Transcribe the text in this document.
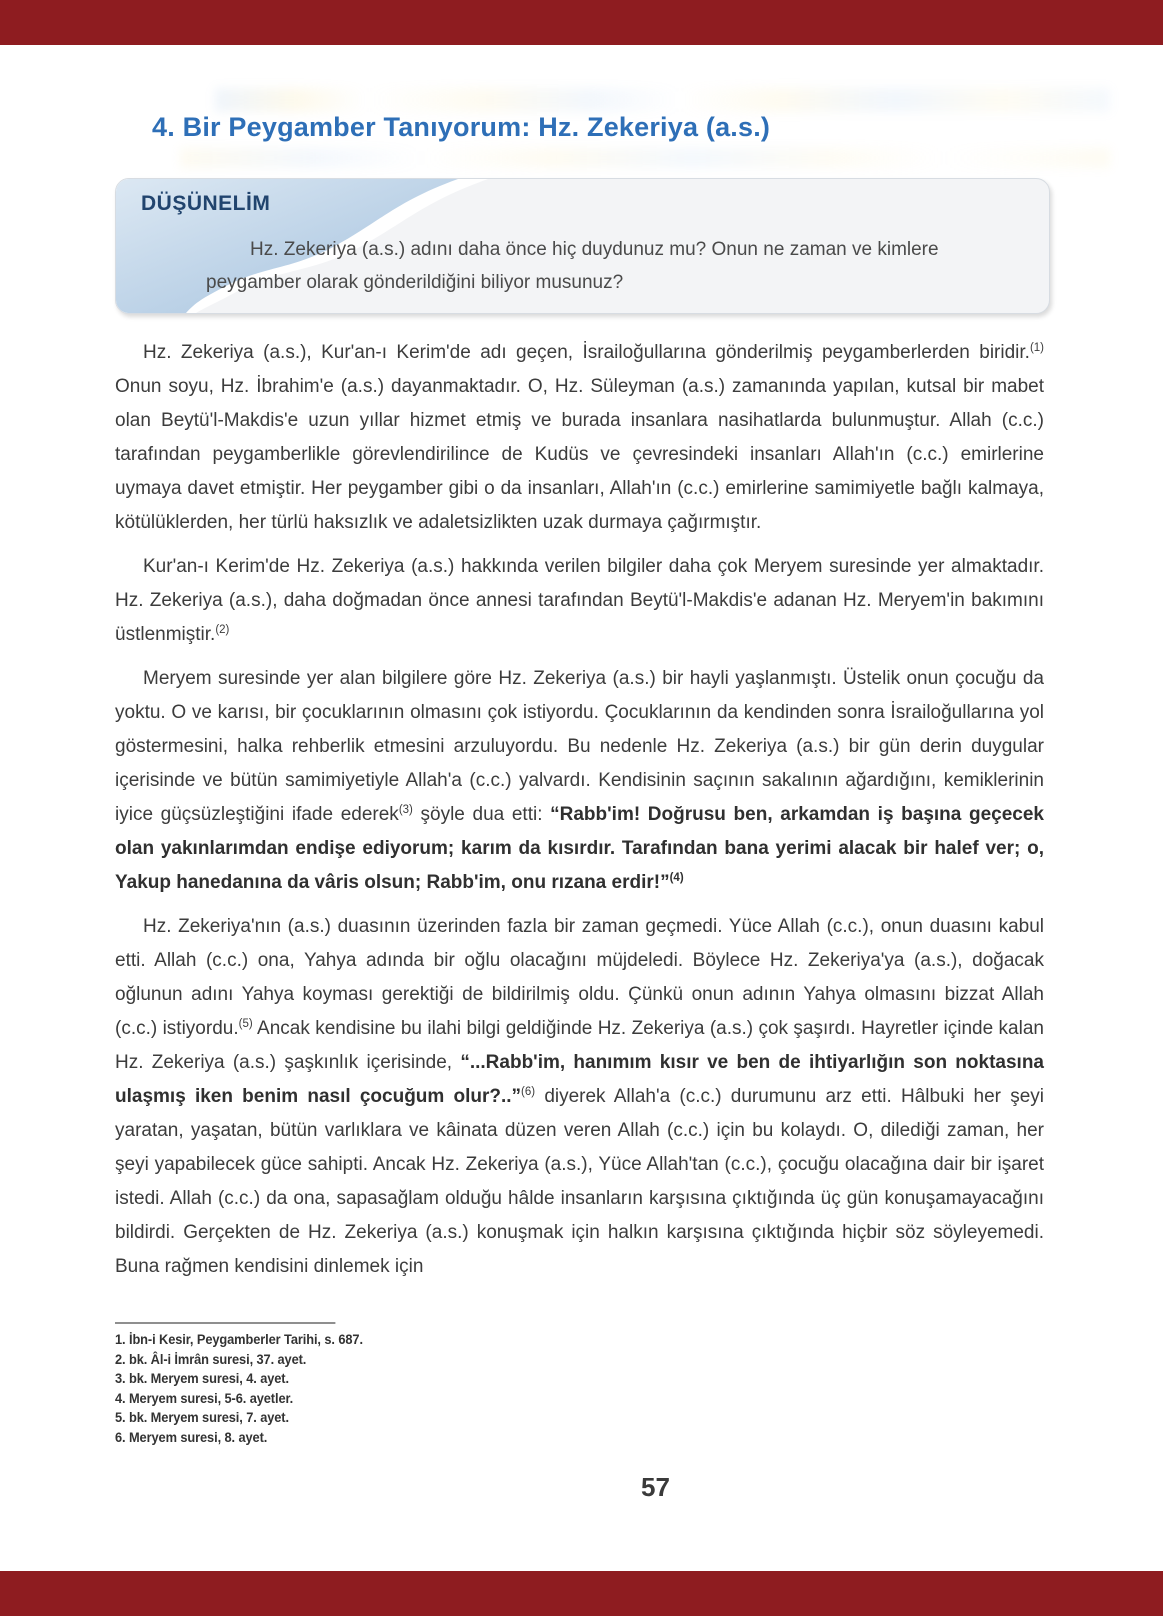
4. Bir Peygamber Tanıyorum: Hz. Zekeriya (a.s.)
DÜŞÜNELİM
Hz. Zekeriya (a.s.) adını daha önce hiç duydunuz mu? Onun ne zaman ve kimlere peygamber olarak gönderildiğini biliyor musunuz?

Hz. Zekeriya (a.s.), Kur'an-ı Kerim'de adı geçen, İsrailoğullarına gönderilmiş peygamberlerden biridir.$^{(1)}$ Onun soyu, Hz. İbrahim'e (a.s.) dayanmaktadır. O, Hz. Süleyman (a.s.) zamanında yapılan, kutsal bir mabet olan Beytü'l-Makdis'e uzun yıllar hizmet etmiş ve burada insanlara nasihatlarda bulunmuştur. Allah (c.c.) tarafından peygamberlikle görevlendirilince de Kudüs ve çevresindeki insanları Allah'ın (c.c.) emirlerine uymaya davet etmiştir. Her peygamber gibi o da insanları, Allah'ın (c.c.) emirlerine samimiyetle bağlı kalmaya, kötülüklerden, her türlü haksızlık ve adaletsizlikten uzak durmaya çağırmıştır.

Kur'an-ı Kerim'de Hz. Zekeriya (a.s.) hakkında verilen bilgiler daha çok Meryem suresinde yer almaktadır. Hz. Zekeriya (a.s.), daha doğmadan önce annesi tarafından Beytü'l-Makdis'e adanan Hz. Meryem'in bakımını üstlenmiştir.$^{(2)}$

Meryem suresinde yer alan bilgilere göre Hz. Zekeriya (a.s.) bir hayli yaşlanmıştı. Üstelik onun çocuğu da yoktu. O ve karısı, bir çocuklarının olmasını çok istiyordu. Çocuklarının da kendinden sonra İsrailoğullarına yol göstermesini, halka rehberlik etmesini arzuluyordu. Bu nedenle Hz. Zekeriya (a.s.) bir gün derin duygular içerisinde ve bütün samimiyetiyle Allah'a (c.c.) yalvardı. Kendisinin saçının sakalının ağardığını, kemiklerinin iyice güçsüzleştiğini ifade ederek$^{(3)}$ şöyle dua etti: “Rabb'im! Doğrusu ben, arkamdan iş başına geçecek olan yakınlarımdan endişe ediyorum; karım da kısırdır. Tarafından bana yerimi alacak bir halef ver; o, Yakup hanedanına da vâris olsun; Rabb'im, onu rızana erdir!”$^{(4)}$

Hz. Zekeriya'nın (a.s.) duasının üzerinden fazla bir zaman geçmedi. Yüce Allah (c.c.), onun duasını kabul etti. Allah (c.c.) ona, Yahya adında bir oğlu olacağını müjdeledi. Böylece Hz. Zekeriya'ya (a.s.), doğacak oğlunun adını Yahya koyması gerektiği de bildirilmiş oldu. Çünkü onun adının Yahya olmasını bizzat Allah (c.c.) istiyordu.$^{(5)}$ Ancak kendisine bu ilahi bilgi geldiğinde Hz. Zekeriya (a.s.) çok şaşırdı. Hayretler içinde kalan Hz. Zekeriya (a.s.) şaşkınlık içerisinde, “...Rabb'im, hanımım kısır ve ben de ihtiyarlığın son noktasına ulaşmış iken benim nasıl çocuğum olur?..”$^{(6)}$ diyerek Allah'a (c.c.) durumunu arz etti. Hâlbuki her şeyi yaratan, yaşatan, bütün varlıklara ve kâinata düzen veren Allah (c.c.) için bu kolaydı. O, dilediği zaman, her şeyi yapabilecek güce sahipti. Ancak Hz. Zekeriya (a.s.), Yüce Allah'tan (c.c.), çocuğu olacağına dair bir işaret istedi. Allah (c.c.) da ona, sapasağlam olduğu hâlde insanların karşısına çıktığında üç gün konuşamayacağını bildirdi. Gerçekten de Hz. Zekeriya (a.s.) konuşmak için halkın karşısına çıktığında hiçbir söz söyleyemedi. Buna rağmen kendisini dinlemek için

1. İbn-i Kesir, Peygamberler Tarihi, s. 687.
2. bk. Âl-i İmrân suresi, 37. ayet.
3. bk. Meryem suresi, 4. ayet.
4. Meryem suresi, 5-6. ayetler.
5. bk. Meryem suresi, 7. ayet.
6. Meryem suresi, 8. ayet.
57
